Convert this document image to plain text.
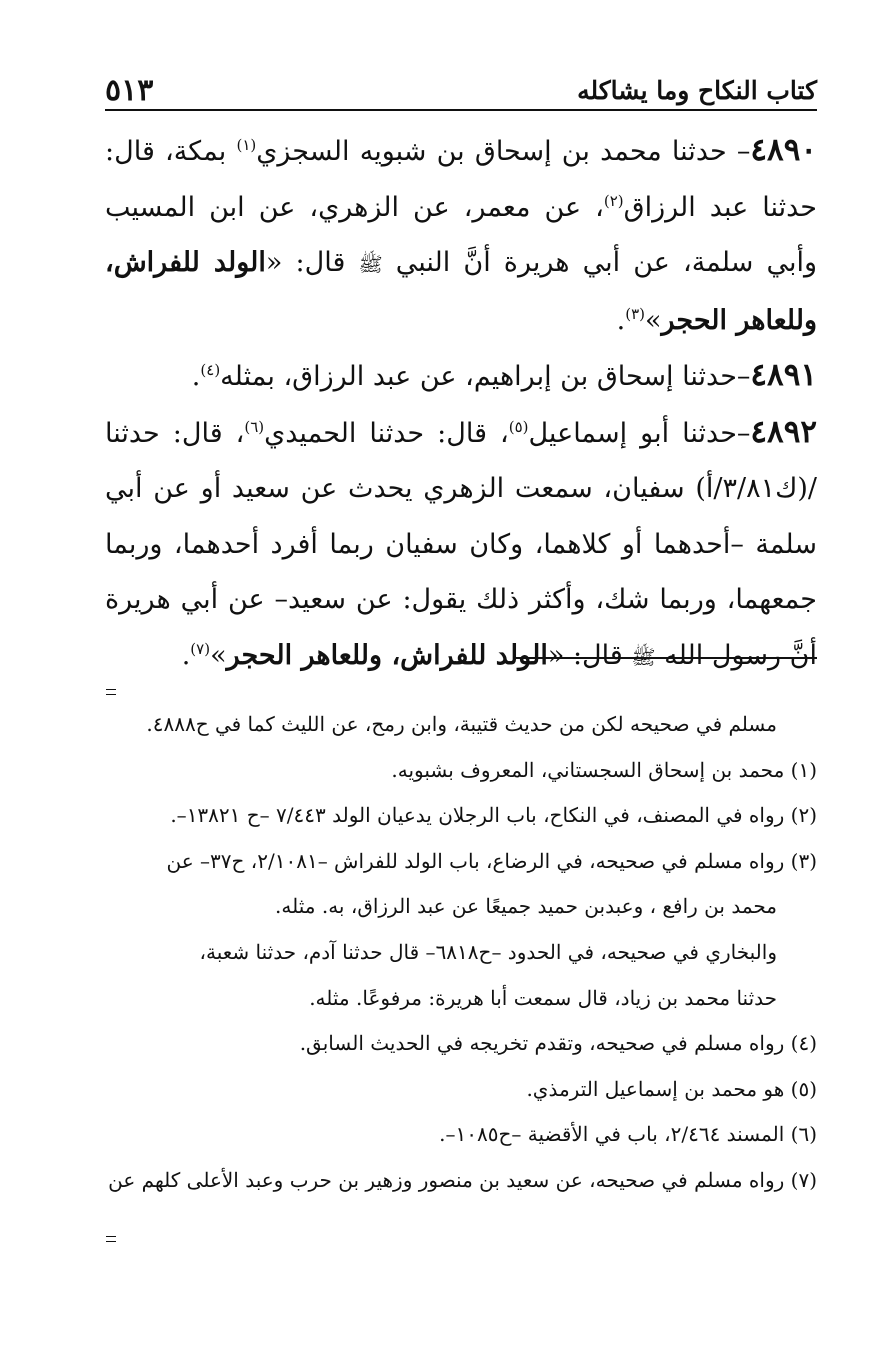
كتاب النكاح وما يشاكله
٥١٣

٤٨٩٠– حدثنا محمد بن إسحاق بن شبويه السجزي$^{(١)}$ بمكة، قال: حدثنا عبد الرزاق$^{(٢)}$، عن معمر، عن الزهري، عن ابن المسيب وأبي سلمة، عن أبي هريرة أنَّ النبي ﷺ قال: «الولد للفراش، وللعاهر الحجر»$^{(٣)}$.

٤٨٩١–حدثنا إسحاق بن إبراهيم، عن عبد الرزاق، بمثله$^{(٤)}$.

٤٨٩٢–حدثنا أبو إسماعيل$^{(٥)}$، قال: حدثنا الحميدي$^{(٦)}$، قال: حدثنا /(ك٣/٨١/أ) سفيان، سمعت الزهري يحدث عن سعيد أو عن أبي سلمة –أحدهما أو كلاهما، وكان سفيان ربما أفرد أحدهما، وربما جمعهما، وربما شك، وأكثر ذلك يقول: عن سعيد– عن أبي هريرة أنَّ رسول الله ﷺ قال: «الولد للفراش، وللعاهر الحجر»$^{(٧)}$.

مسلم في صحيحه لكن من حديث قتيبة، وابن رمح، عن الليث كما في ح٤٨٨٨.

(١) محمد بن إسحاق السجستاني، المعروف بشبويه.

(٢) رواه في المصنف، في النكاح، باب الرجلان يدعيان الولد ٧/٤٤٣ –ح ١٣٨٢١–.

(٣) رواه مسلم في صحيحه، في الرضاع، باب الولد للفراش –٢/١٠٨١، ح٣٧– عن

محمد بن رافع ، وعبدبن حميد جميعًا عن عبد الرزاق، به. مثله.

والبخاري في صحيحه، في الحدود –ح٦٨١٨– قال حدثنا آدم، حدثنا شعبة،

حدثنا محمد بن زياد، قال سمعت أبا هريرة: مرفوعًا. مثله.

(٤) رواه مسلم في صحيحه، وتقدم تخريجه في الحديث السابق.

(٥) هو محمد بن إسماعيل الترمذي.

(٦) المسند ٢/٤٦٤، باب في الأقضية –ح١٠٨٥–.

(٧) رواه مسلم في صحيحه، عن سعيد بن منصور وزهير بن حرب وعبد الأعلى كلهم عن
